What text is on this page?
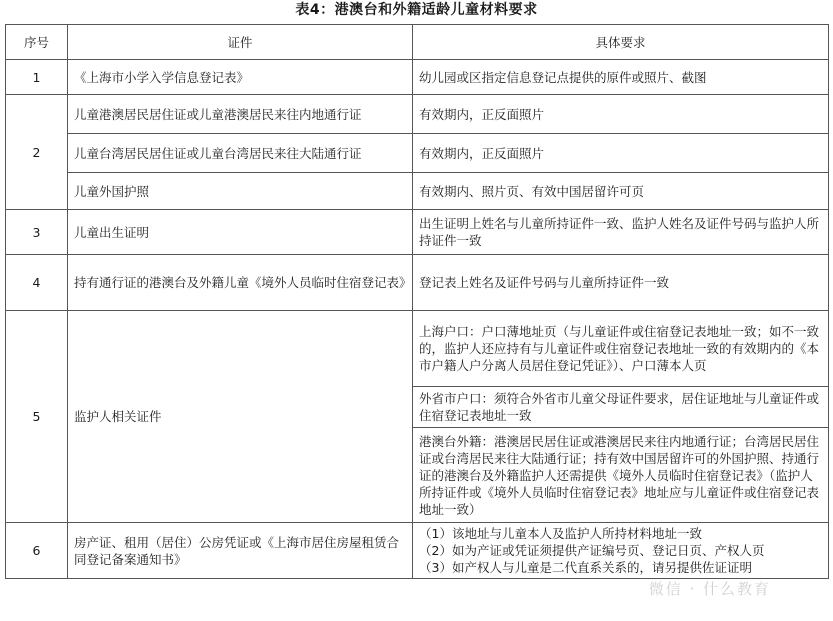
表4：港澳台和外籍适龄儿童材料要求
序号	证件	具体要求
1	《上海市小学入学信息登记表》	幼儿园或区指定信息登记点提供的原件或照片、截图
2	儿童港澳居民居住证或儿童港澳居民来往内地通行证	有效期内，正反面照片
	儿童台湾居民居住证或儿童台湾居民来往大陆通行证	有效期内，正反面照片
	儿童外国护照	有效期内、照片页、有效中国居留许可页
3	儿童出生证明	出生证明上姓名与儿童所持证件一致、监护人姓名及证件号码与监护人所持证件一致
4	持有通行证的港澳台及外籍儿童《境外人员临时住宿登记表》	登记表上姓名及证件号码与儿童所持证件一致
5	监护人相关证件	上海户口：户口薄地址页（与儿童证件或住宿登记表地址一致；如不一致的，监护人还应持有与儿童证件或住宿登记表地址一致的有效期内的《本市户籍人户分离人员居住登记凭证》）、户口薄本人页
		外省市户口：须符合外省市儿童父母证件要求，居住证地址与儿童证件或住宿登记表地址一致
		港澳台外籍：港澳居民居住证或港澳居民来往内地通行证；台湾居民居住证或台湾居民来往大陆通行证；持有效中国居留许可的外国护照、持通行证的港澳台及外籍监护人还需提供《境外人员临时住宿登记表》（监护人所持证件或《境外人员临时住宿登记表》地址应与儿童证件或住宿登记表地址一致）
6	房产证、租用（居住）公房凭证或《上海市居住房屋租赁合同登记备案通知书》	（1）该地址与儿童本人及监护人所持材料地址一致
（2）如为产证或凭证须提供产证编号页、登记日页、产权人页
（3）如产权人与儿童是二代直系关系的，请另提供佐证证明
微信 · 什么教育
